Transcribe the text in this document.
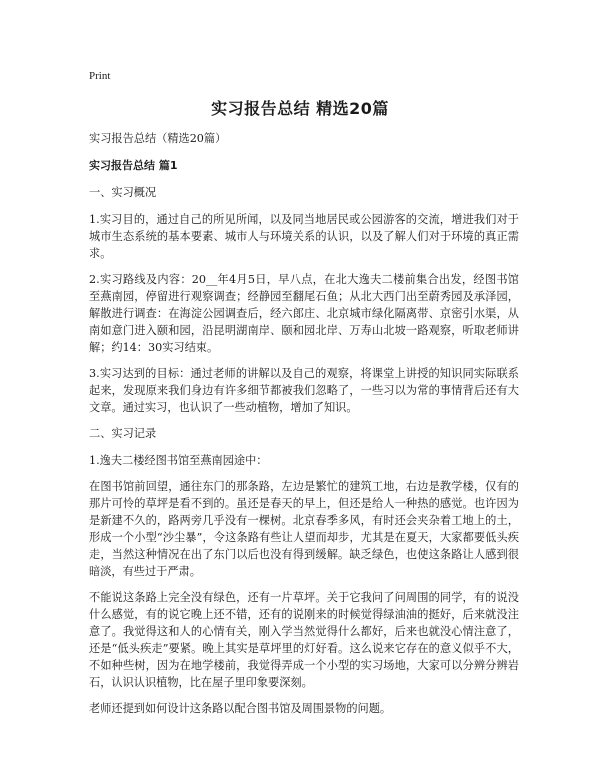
Print
实习报告总结 精选20篇

实习报告总结（精选20篇）

实习报告总结 篇1

一、实习概况

1.实习目的，通过自己的所见所闻，以及同当地居民或公园游客的交流，增进我们对于城市生态系统的基本要素、城市人与环境关系的认识，以及了解人们对于环境的真正需求。

2.实习路线及内容：20__年4月5日，早八点，在北大逸夫二楼前集合出发，经图书馆至燕南园，停留进行观察调查；经静园至翻尾石鱼；从北大西门出至蔚秀园及承泽园，解散进行调查：在海淀公园调查后，经六郎庄、北京城市绿化隔离带、京密引水渠，从南如意门进入颐和园，沿昆明湖南岸、颐和园北岸、万寿山北坡一路观察，听取老师讲解；约14：30实习结束。

3.实习达到的目标：通过老师的讲解以及自己的观察，将课堂上讲授的知识同实际联系起来，发现原来我们身边有许多细节都被我们忽略了，一些习以为常的事情背后还有大文章。通过实习，也认识了一些动植物，增加了知识。

二、实习记录

1.逸夫二楼经图书馆至燕南园途中：

在图书馆前回望，通往东门的那条路，左边是繁忙的建筑工地，右边是教学楼，仅有的那片可怜的草坪是看不到的。虽还是春天的早上，但还是给人一种热的感觉。也许因为是新建不久的，路两旁几乎没有一棵树。北京春季多风，有时还会夹杂着工地上的土，形成一个小型“沙尘暴”，令这条路有些让人望而却步，尤其是在夏天，大家都要低头疾走，当然这种情况在出了东门以后也没有得到缓解。缺乏绿色，也使这条路让人感到很暗淡，有些过于严肃。

不能说这条路上完全没有绿色，还有一片草坪。关于它我问了问周围的同学，有的说没什么感觉，有的说它晚上还不错，还有的说刚来的时候觉得绿油油的挺好，后来就没注意了。我觉得这和人的心情有关，刚入学当然觉得什么都好，后来也就没心情注意了，还是“低头疾走”要紧。晚上其实是草坪里的灯好看。这么说来它存在的意义似乎不大，不如种些树，因为在地学楼前，我觉得弄成一个小型的实习场地，大家可以分辨分辨岩石，认识认识植物，比在屋子里印象要深刻。

老师还提到如何设计这条路以配合图书馆及周围景物的问题。
